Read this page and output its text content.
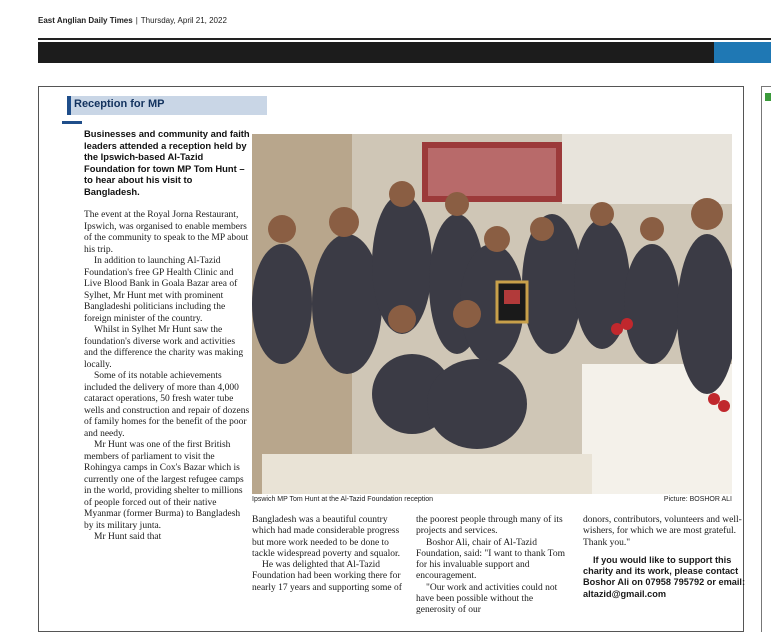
East Anglian Daily Times | Thursday, April 21, 2022
Reception for MP
Businesses and community and faith leaders attended a reception held by the Ipswich-based Al-Tazid Foundation for town MP Tom Hunt – to hear about his visit to Bangladesh.

The event at the Royal Jorna Restaurant, Ipswich, was organised to enable members of the community to speak to the MP about his trip.

In addition to launching Al-Tazid Foundation's free GP Health Clinic and Live Blood Bank in Goala Bazar area of Sylhet, Mr Hunt met with prominent Bangladeshi politicians including the foreign minister of the country.

Whilst in Sylhet Mr Hunt saw the foundation's diverse work and activities and the difference the charity was making locally.

Some of its notable achievements included the delivery of more than 4,000 cataract operations, 50 fresh water tube wells and construction and repair of dozens of family homes for the benefit of the poor and needy.

Mr Hunt was one of the first British members of parliament to visit the Rohingya camps in Cox's Bazar which is currently one of the largest refugee camps in the world, providing shelter to millions of people forced out of their native Myanmar (former Burma) to Bangladesh by its military junta.

Mr Hunt said that

Ipswich MP Tom Hunt at the Al-Tazid Foundation reception	Picture: BOSHOR ALI

Bangladesh was a beautiful country which had made considerable progress but more work needed to be done to tackle widespread poverty and squalor.

He was delighted that Al-Tazid Foundation had been working there for nearly 17 years and supporting some of

the poorest people through many of its projects and services.

Boshor Ali, chair of Al-Tazid Foundation, said: "I want to thank Tom for his invaluable support and encouragement.

"Our work and activities could not have been possible without the generosity of our

donors, contributors, volunteers and well-wishers, for which we are most grateful. Thank you."

If you would like to support this charity and its work, please contact Boshor Ali on 07958 795792 or email: altazid@gmail.com
